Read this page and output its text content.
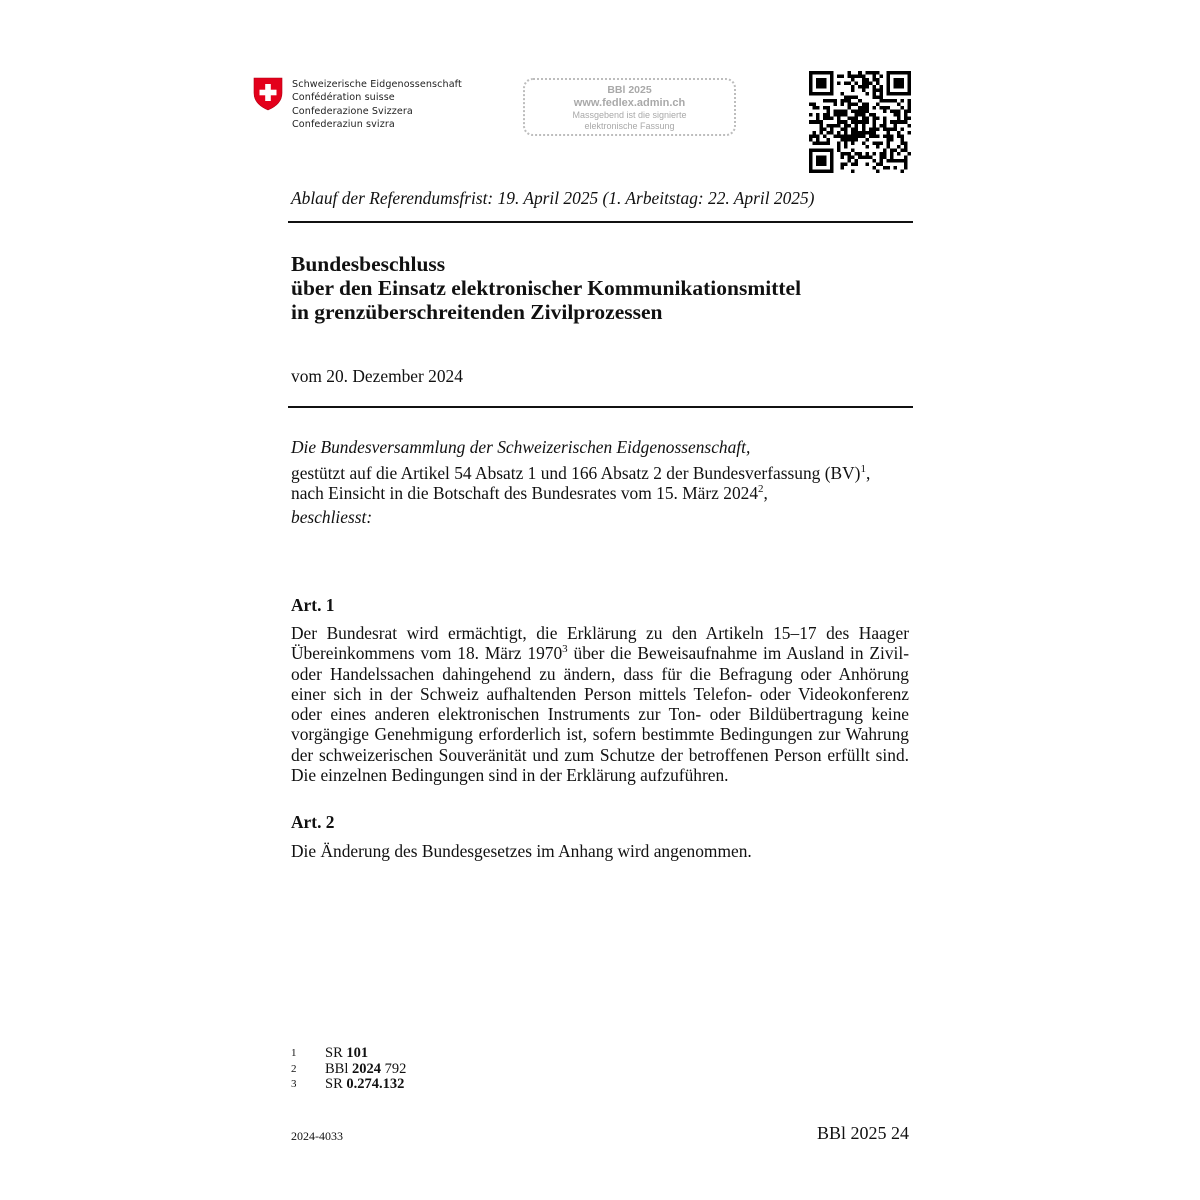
Schweizerische Eidgenossenschaft
Confédération suisse
Confederazione Svizzera
Confederaziun svizra
BBl 2025
www.fedlex.admin.ch
Massgebend ist die signierte
elektronische Fassung
Ablauf der Referendumsfrist: 19. April 2025 (1. Arbeitstag: 22. April 2025)
Bundesbeschluss
über den Einsatz elektronischer Kommunikationsmittel
in grenzüberschreitenden Zivilprozessen
vom 20. Dezember 2024
Die Bundesversammlung der Schweizerischen Eidgenossenschaft,
gestützt auf die Artikel 54 Absatz 1 und 166 Absatz 2 der Bundesverfassung (BV)$^1$,
nach Einsicht in die Botschaft des Bundesrates vom 15. März 2024$^2$,
beschliesst:
Art. 1
Der Bundesrat wird ermächtigt, die Erklärung zu den Artikeln 15–17 des Haager Übereinkommens vom 18. März 1970$^3$ über die Beweisaufnahme im Ausland in Zivil- oder Handelssachen dahingehend zu ändern, dass für die Befragung oder Anhörung einer sich in der Schweiz aufhaltenden Person mittels Telefon- oder Videokonferenz oder eines anderen elektronischen Instruments zur Ton- oder Bildübertragung keine vorgängige Genehmigung erforderlich ist, sofern bestimmte Bedingungen zur Wahrung der schweizerischen Souveränität und zum Schutze der betroffenen Person erfüllt sind. Die einzelnen Bedingungen sind in der Erklärung aufzuführen.
Art. 2
Die Änderung des Bundesgesetzes im Anhang wird angenommen.
1	SR 101
2	BBl 2024 792
3	SR 0.274.132
2024-4033	BBl 2025 24
